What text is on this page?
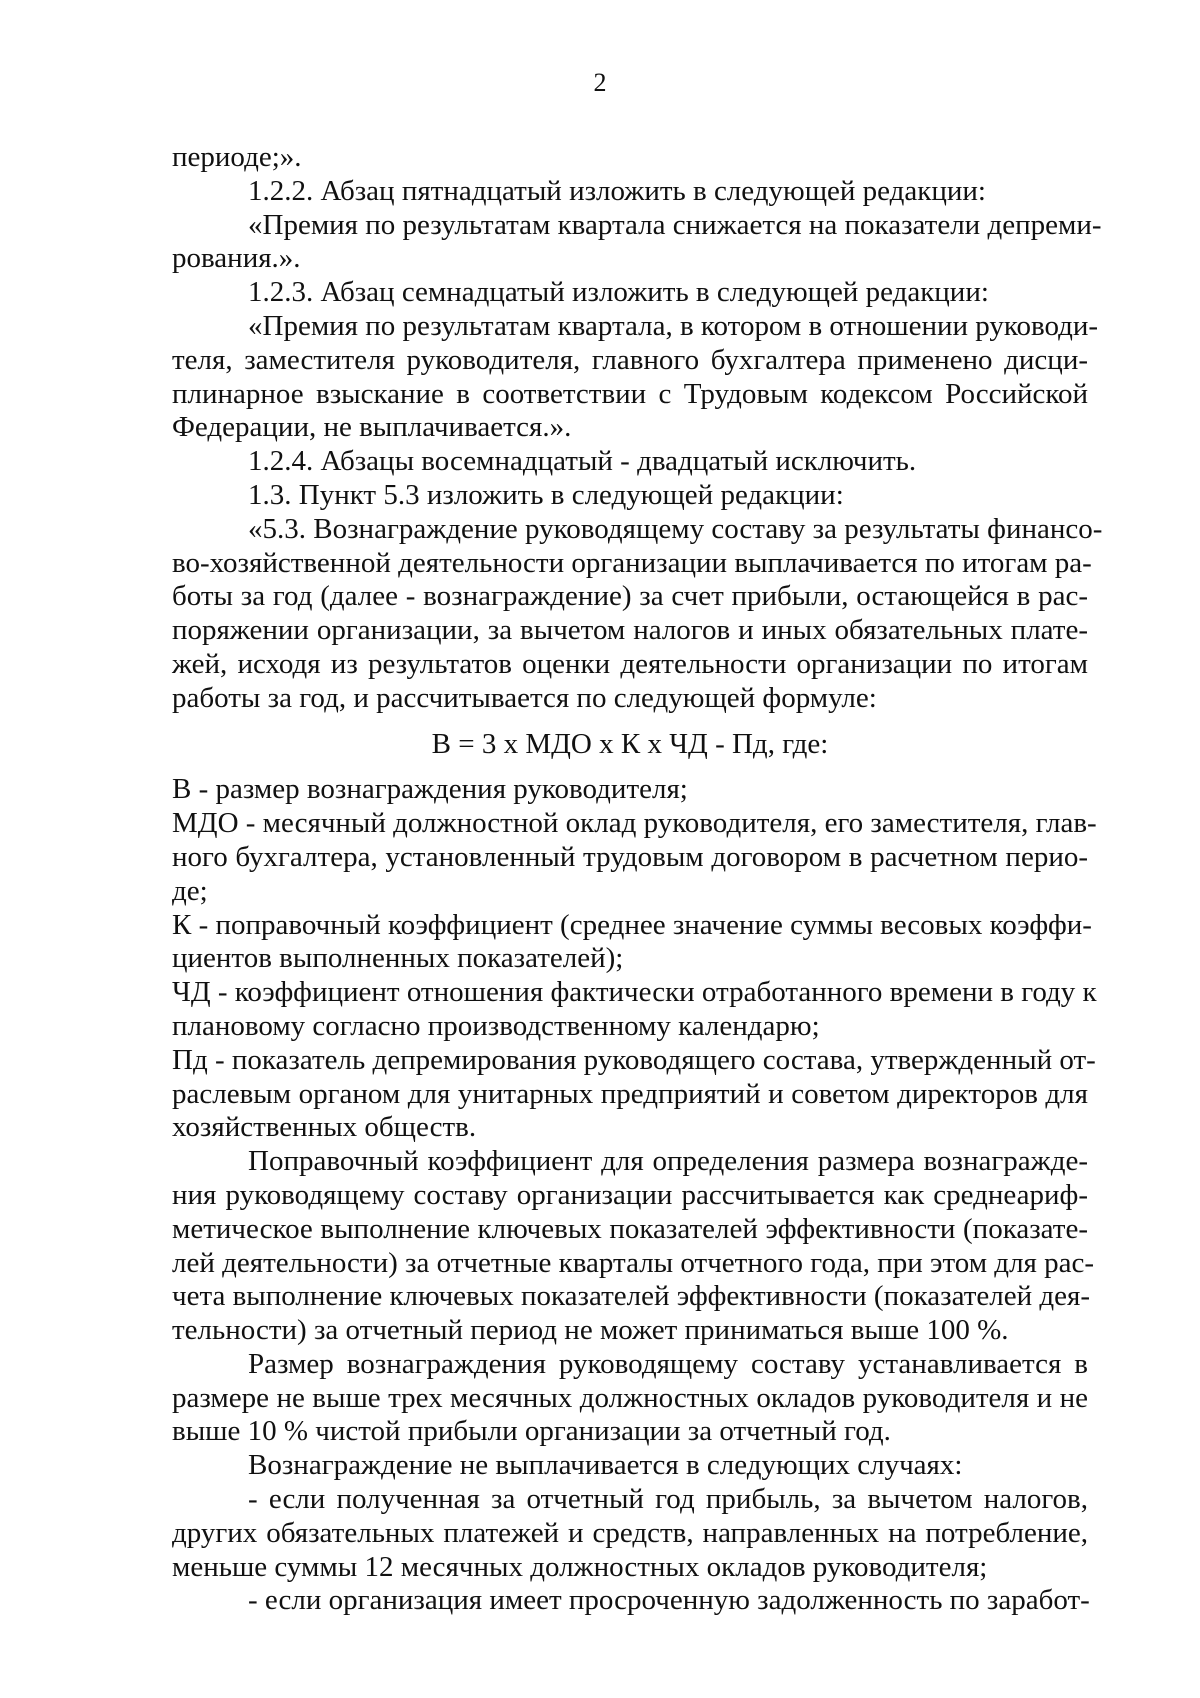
2
периоде;».
1.2.2. Абзац пятнадцатый изложить в следующей редакции:
«Премия по результатам квартала снижается на показатели депреми-
рования.».
1.2.3. Абзац семнадцатый изложить в следующей редакции:
«Премия по результатам квартала, в котором в отношении руководи-
теля, заместителя руководителя, главного бухгалтера применено дисци-
плинарное взыскание в соответствии с Трудовым кодексом Российской
Федерации, не выплачивается.».
1.2.4. Абзацы восемнадцатый - двадцатый исключить.
1.3. Пункт 5.3 изложить в следующей редакции:
«5.3. Вознаграждение руководящему составу за результаты финансо-
во-хозяйственной деятельности организации выплачивается по итогам ра-
боты за год (далее - вознаграждение) за счет прибыли, остающейся в рас-
поряжении организации, за вычетом налогов и иных обязательных плате-
жей, исходя из результатов оценки деятельности организации по итогам
работы за год, и рассчитывается по следующей формуле:
В = 3 х МДО х К х ЧД - Пд, где:
В - размер вознаграждения руководителя;
МДО - месячный должностной оклад руководителя, его заместителя, глав-
ного бухгалтера, установленный трудовым договором в расчетном перио-
де;
К - поправочный коэффициент (среднее значение суммы весовых коэффи-
циентов выполненных показателей);
ЧД - коэффициент отношения фактически отработанного времени в году к
плановому согласно производственному календарю;
Пд - показатель депремирования руководящего состава, утвержденный от-
раслевым органом для унитарных предприятий и советом директоров для
хозяйственных обществ.
Поправочный коэффициент для определения размера вознагражде-
ния руководящему составу организации рассчитывается как среднеариф-
метическое выполнение ключевых показателей эффективности (показате-
лей деятельности) за отчетные кварталы отчетного года, при этом для рас-
чета выполнение ключевых показателей эффективности (показателей дея-
тельности) за отчетный период не может приниматься выше 100 %.
Размер вознаграждения руководящему составу устанавливается в
размере не выше трех месячных должностных окладов руководителя и не
выше 10 % чистой прибыли организации за отчетный год.
Вознаграждение не выплачивается в следующих случаях:
- если полученная за отчетный год прибыль, за вычетом налогов,
других обязательных платежей и средств, направленных на потребление,
меньше суммы 12 месячных должностных окладов руководителя;
- если организация имеет просроченную задолженность по заработ-
